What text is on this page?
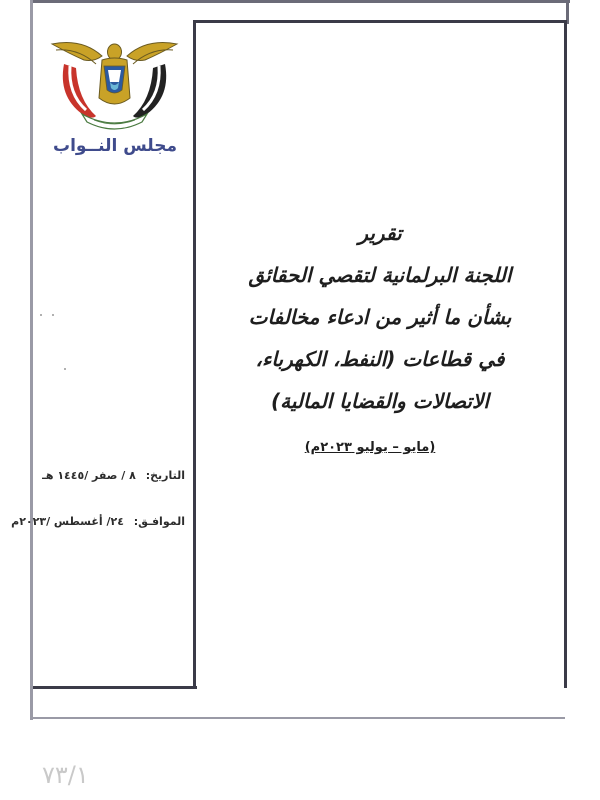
مجلس النــواب
تقرير
اللجنة البرلمانية لتقصي الحقائق
بشأن ما أثير من ادعاء مخالفات
في قطاعات (النفط، الكهرباء،
الاتصالات والقضايا المالية)
(مايو – يوليو ٢٠٢٣م)
التاريخ: ٨ / صفر /١٤٤٥ هـ
الموافـق: ٢٤/ أغسطس /٢٠٢٣م
٧٣/١
